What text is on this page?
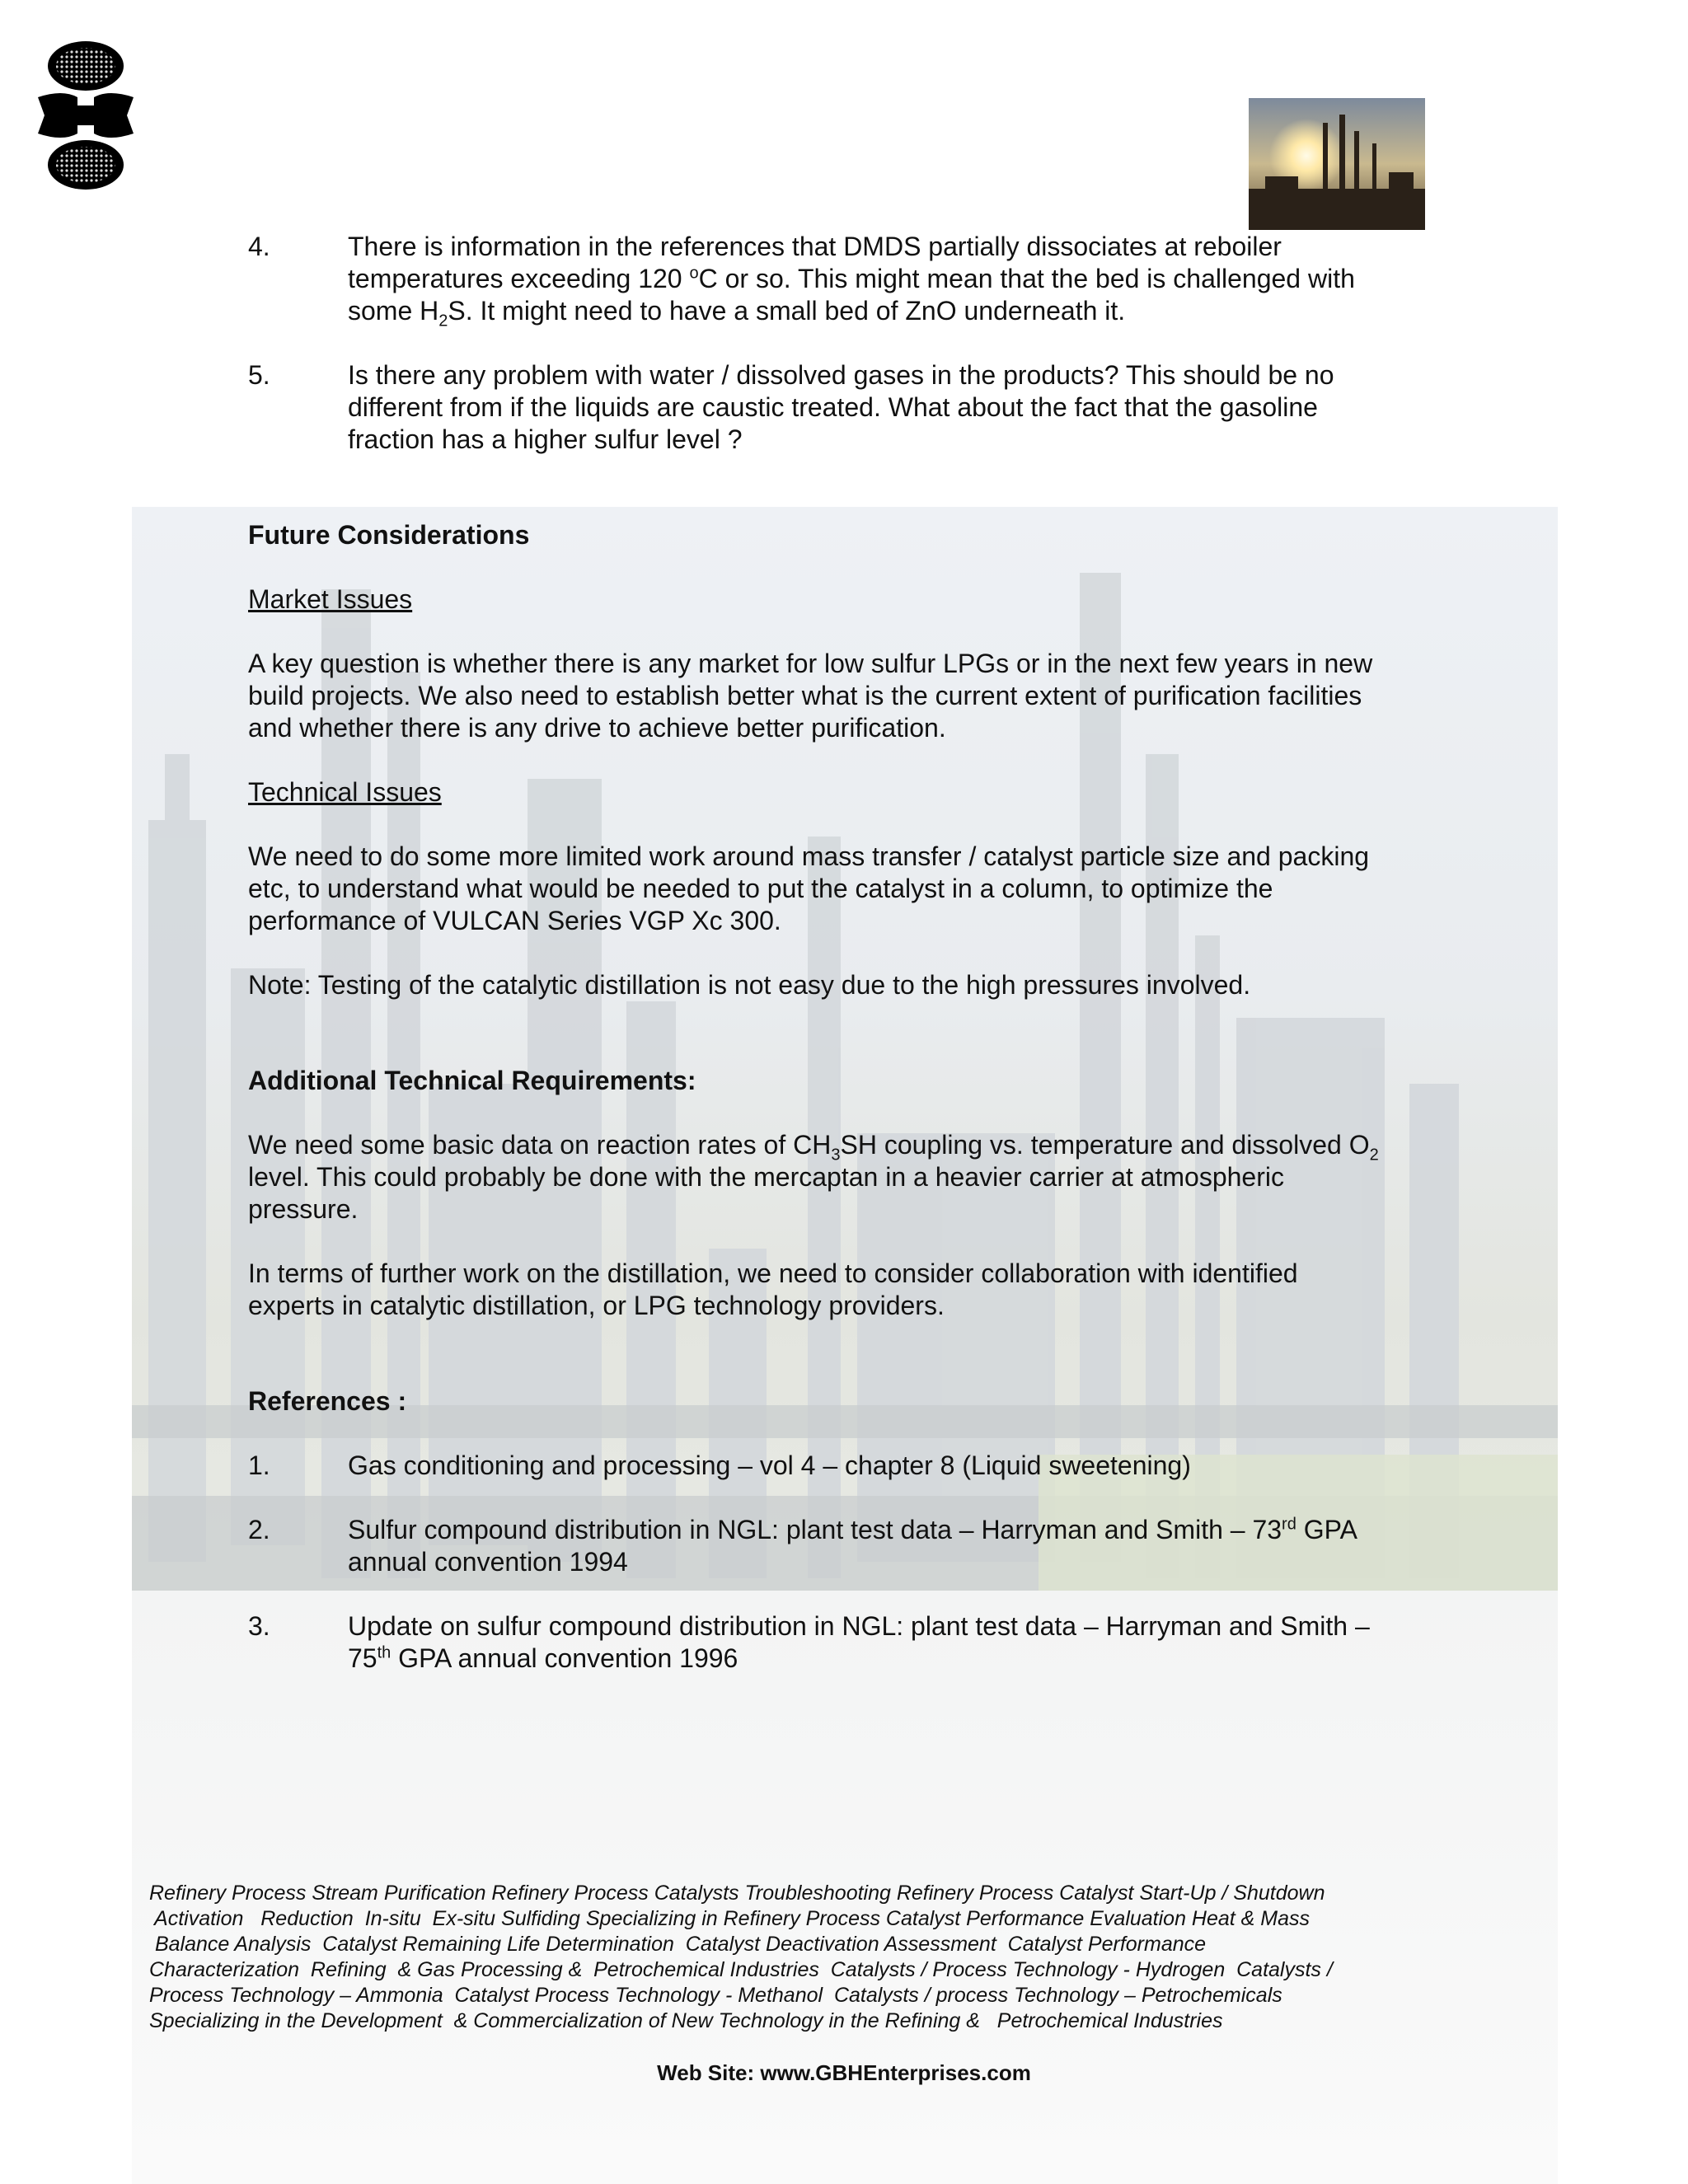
4.	There is information in the references that DMDS partially dissociates at reboiler
temperatures exceeding 120 $^o$C or so. This might mean that the bed is challenged with
some $H_2S$. It might need to have a small bed of ZnO underneath it.
5.	Is there any problem with water / dissolved gases in the products? This should be no
different from if the liquids are caustic treated. What about the fact that the gasoline
fraction has a higher sulfur level ?

Future Considerations

Market Issues

A key question is whether there is any market for low sulfur LPGs or in the next few years in new
build projects. We also need to establish better what is the current extent of purification facilities
and whether there is any drive to achieve better purification.

Technical Issues

We need to do some more limited work around mass transfer / catalyst particle size and packing
etc, to understand what would be needed to put the catalyst in a column, to optimize the
performance of VULCAN Series VGP Xc 300.

Note: Testing of the catalytic distillation is not easy due to the high pressures involved.

Additional Technical Requirements:

We need some basic data on reaction rates of $CH_3SH$ coupling vs. temperature and dissolved $O_2$
level. This could probably be done with the mercaptan in a heavier carrier at atmospheric
pressure.
In terms of further work on the distillation, we need to consider collaboration with identified
experts in catalytic distillation, or LPG technology providers.

References :

1.	Gas conditioning and processing – vol 4 – chapter 8 (Liquid sweetening)
2.	Sulfur compound distribution in NGL: plant test data – Harryman and Smith – 73rd GPA
annual convention 1994
3.	Update on sulfur compound distribution in NGL: plant test data – Harryman and Smith –
75th GPA annual convention 1996
Refinery Process Stream Purification Refinery Process Catalysts Troubleshooting Refinery Process Catalyst Start-Up / Shutdown
Activation   Reduction  In-situ  Ex-situ Sulfiding Specializing in Refinery Process Catalyst Performance Evaluation Heat & Mass
Balance Analysis  Catalyst Remaining Life Determination  Catalyst Deactivation Assessment  Catalyst Performance
Characterization  Refining  & Gas Processing &  Petrochemical Industries  Catalysts / Process Technology - Hydrogen  Catalysts /
Process Technology – Ammonia  Catalyst Process Technology - Methanol  Catalysts / process Technology – Petrochemicals
Specializing in the Development  & Commercialization of New Technology in the Refining &   Petrochemical Industries
Web Site: www.GBHEnterprises.com
